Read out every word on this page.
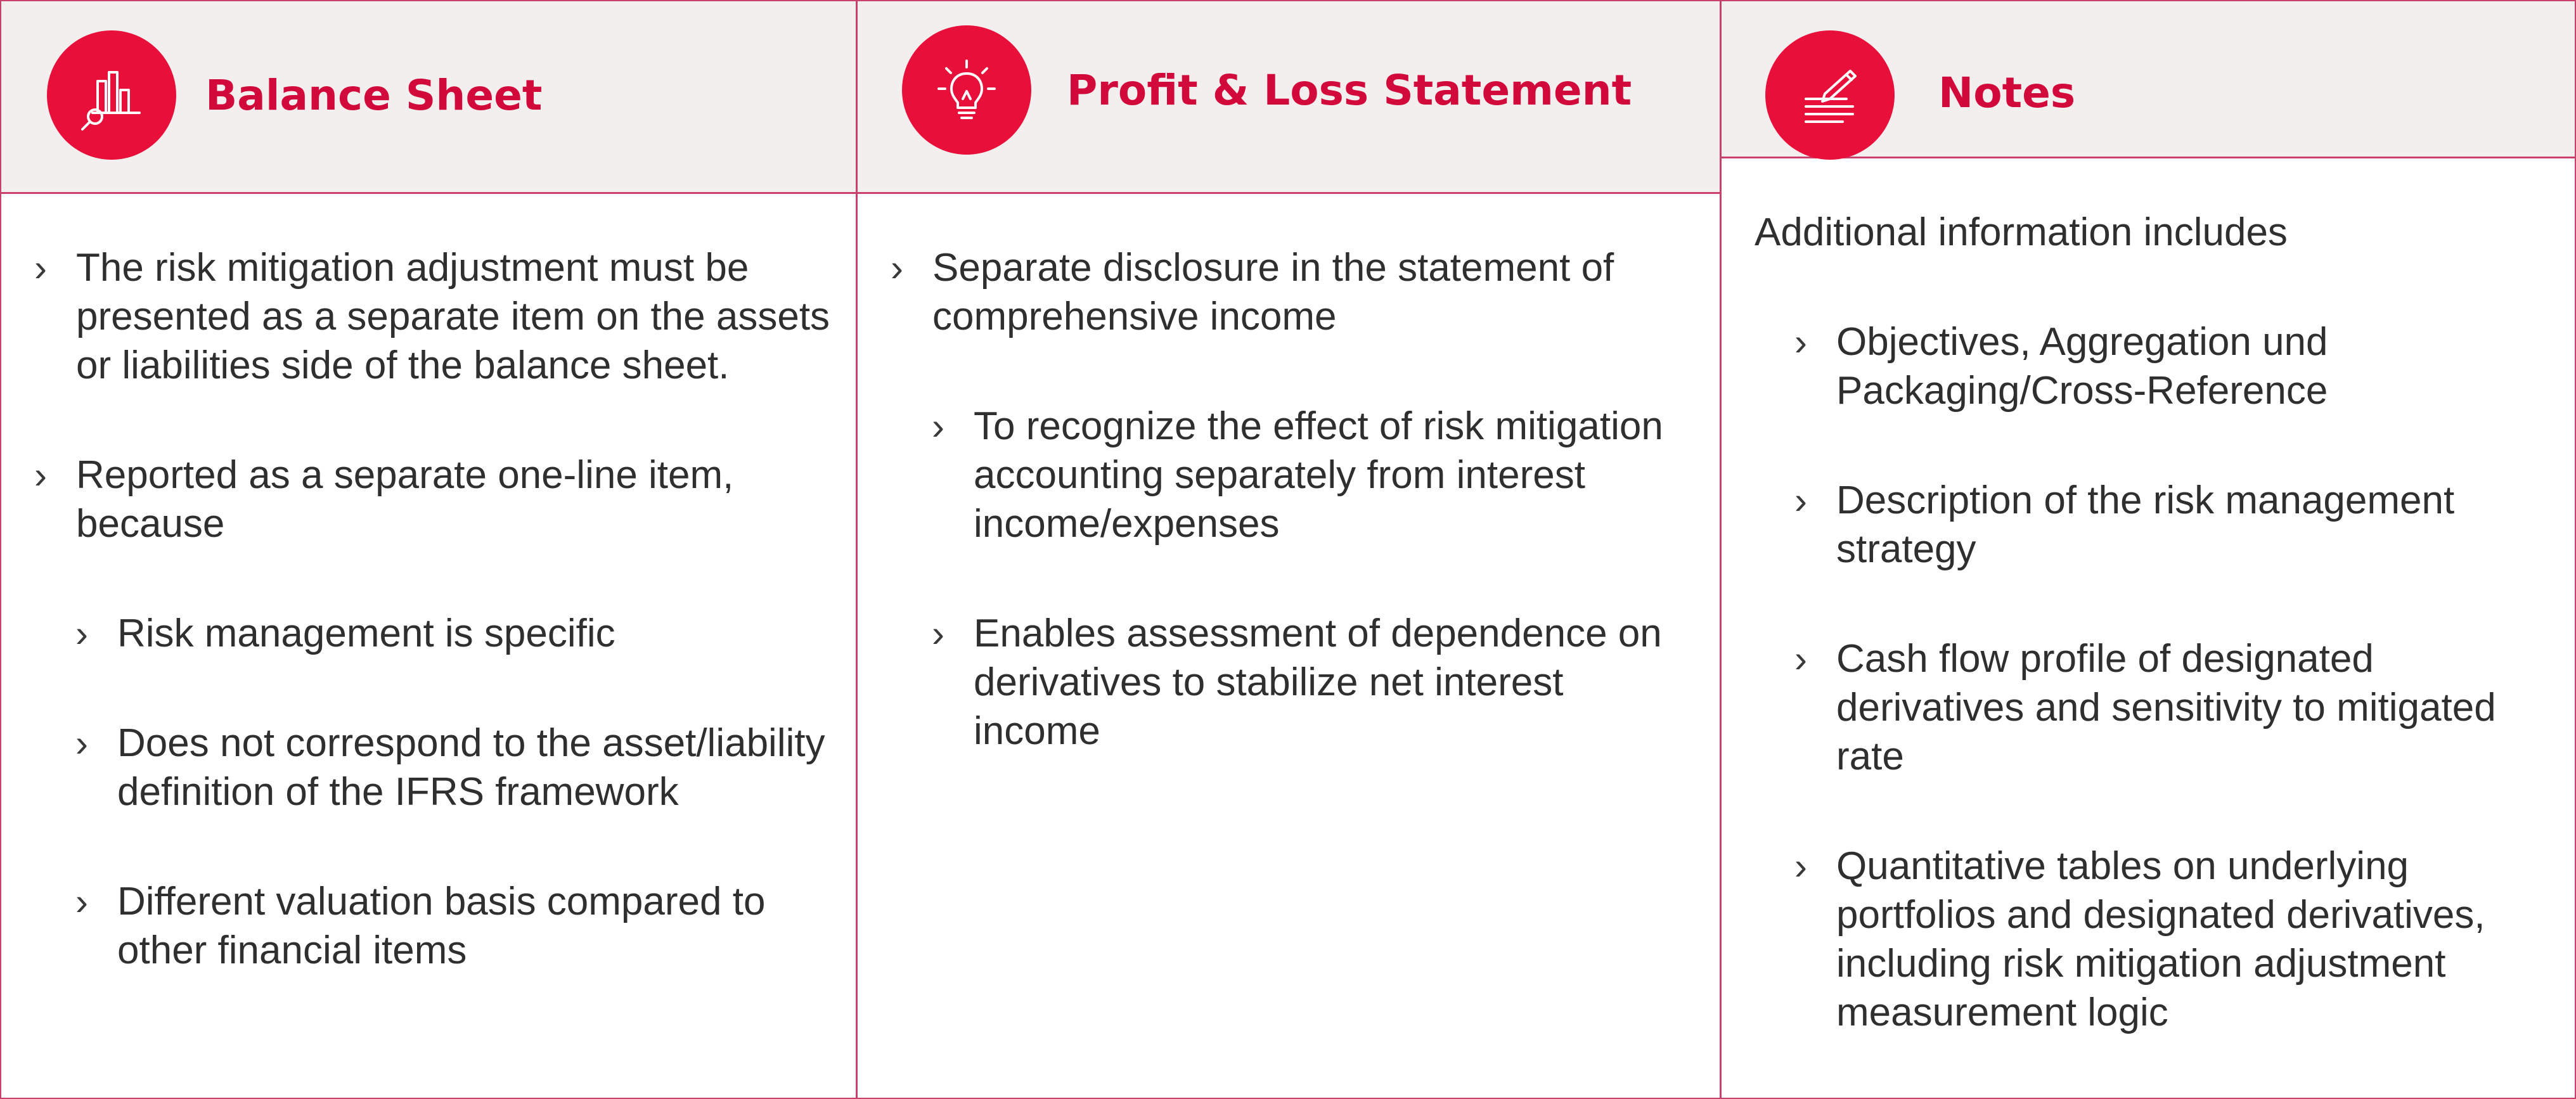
Balance Sheet
› The risk mitigation adjustment must be presented as a separate item on the assets or liabilities side of the balance sheet.
› Reported as a separate one-line item, because
› Risk management is specific
› Does not correspond to the asset/liability definition of the IFRS framework
› Different valuation basis compared to other financial items
Profit & Loss Statement
› Separate disclosure in the statement of comprehensive income
› To recognize the effect of risk mitigation accounting separately from interest income/expenses
› Enables assessment of dependence on derivatives to stabilize net interest income
Notes
Additional information includes
› Objectives, Aggregation und Packaging/Cross-Reference
› Description of the risk management strategy
› Cash flow profile of designated derivatives and sensitivity to mitigated rate
› Quantitative tables on underlying portfolios and designated derivatives, including risk mitigation adjustment measurement logic
